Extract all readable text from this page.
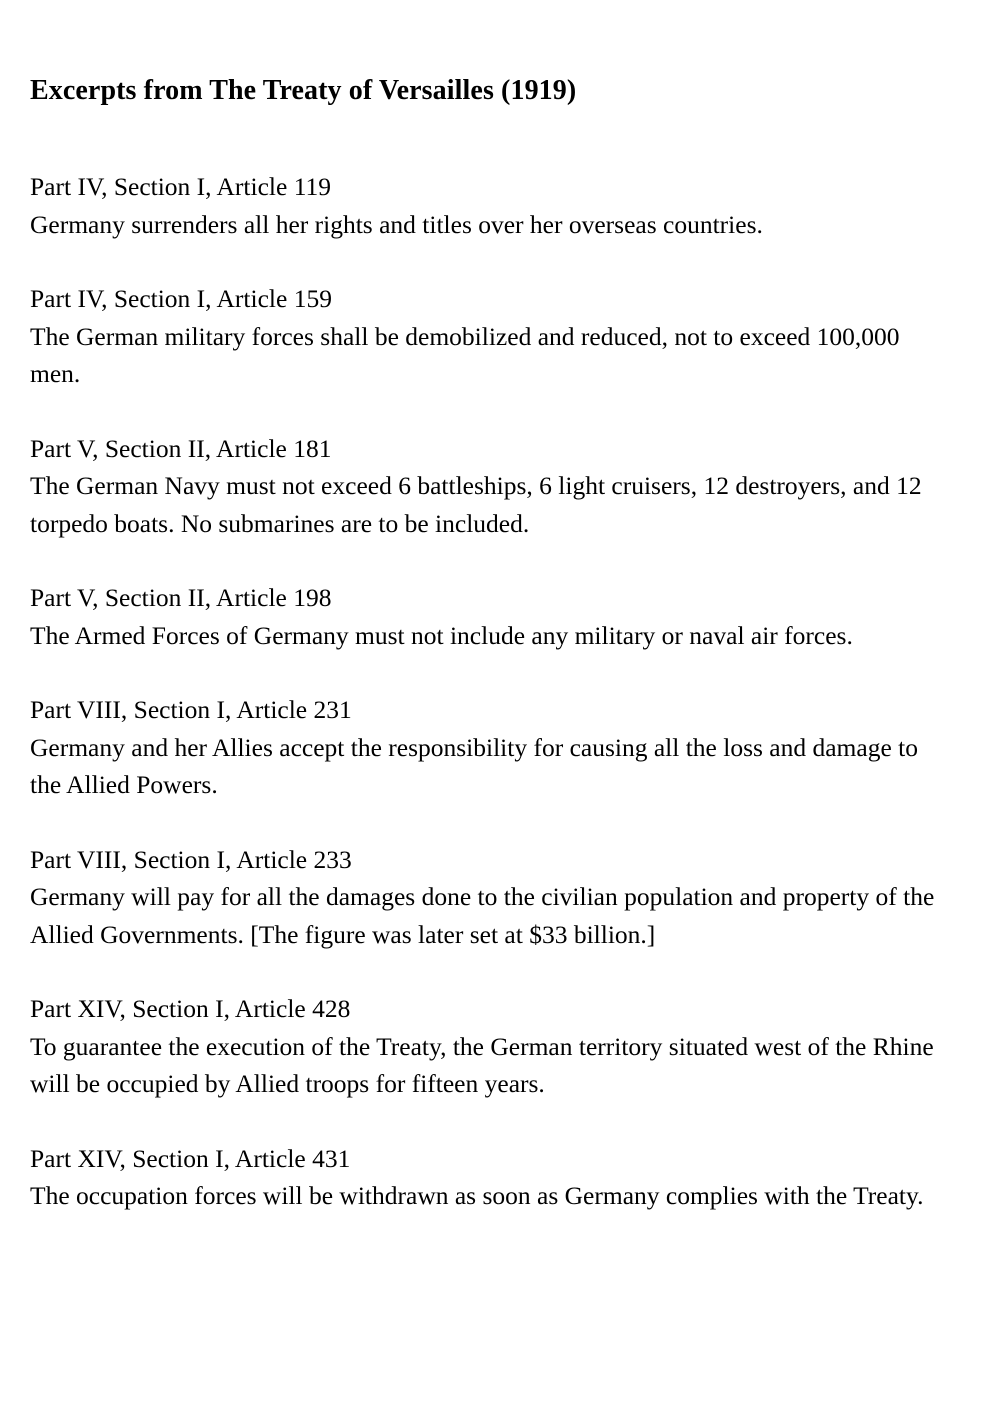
Excerpts from The Treaty of Versailles (1919)
Part IV, Section I, Article 119
Germany surrenders all her rights and titles over her overseas countries.
Part IV, Section I, Article 159
The German military forces shall be demobilized and reduced, not to exceed 100,000 men.
Part V, Section II, Article 181
The German Navy must not exceed 6 battleships, 6 light cruisers, 12 destroyers, and 12 torpedo boats. No submarines are to be included.
Part V, Section II, Article 198
The Armed Forces of Germany must not include any military or naval air forces.
Part VIII, Section I, Article 231
Germany and her Allies accept the responsibility for causing all the loss and damage to the Allied Powers.
Part VIII, Section I, Article 233
Germany will pay for all the damages done to the civilian population and property of the Allied Governments. [The figure was later set at $33 billion.]
Part XIV, Section I, Article 428
To guarantee the execution of the Treaty, the German territory situated west of the Rhine will be occupied by Allied troops for fifteen years.
Part XIV, Section I, Article 431
The occupation forces will be withdrawn as soon as Germany complies with the Treaty.
